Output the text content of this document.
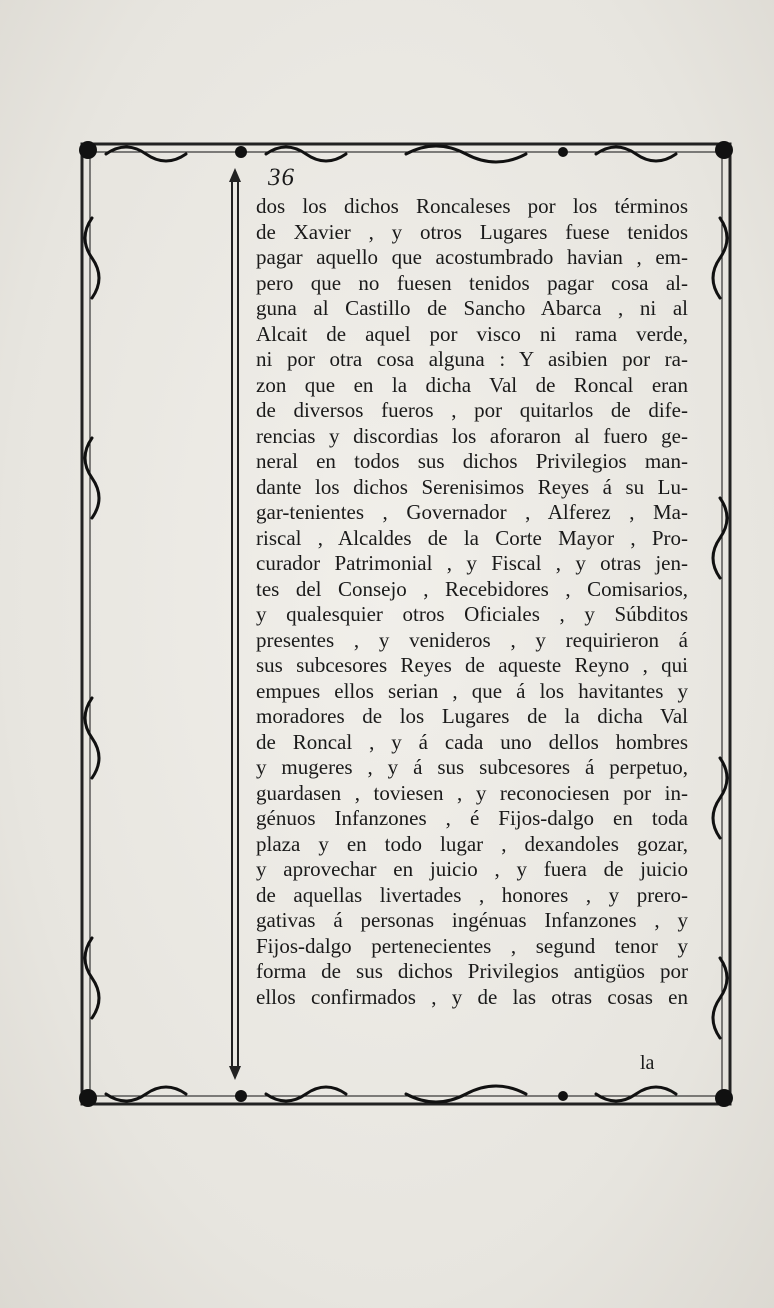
36
dos los dichos Roncaleses por los términos
de Xavier , y otros Lugares fuese tenidos
pagar aquello que acostumbrado havian , em-
pero que no fuesen tenidos pagar cosa al-
guna al Castillo de Sancho Abarca , ni al
Alcait de aquel por visco ni rama verde,
ni por otra cosa alguna : Y asibien por ra-
zon que en la dicha Val de Roncal eran
de diversos fueros , por quitarlos de dife-
rencias y discordias los aforaron al fuero ge-
neral en todos sus dichos Privilegios man-
dante los dichos Serenisimos Reyes á su Lu-
gar-tenientes , Governador , Alferez , Ma-
riscal , Alcaldes de la Corte Mayor , Pro-
curador Patrimonial , y Fiscal , y otras jen-
tes del Consejo , Recebidores , Comisarios,
y qualesquier otros Oficiales , y Súbditos
presentes , y venideros , y requirieron á
sus subcesores Reyes de aqueste Reyno , qui
empues ellos serian , que á los havitantes y
moradores de los Lugares de la dicha Val
de Roncal , y á cada uno dellos hombres
y mugeres , y á sus subcesores á perpetuo,
guardasen , toviesen , y reconociesen por in-
génuos Infanzones , é Fijos-dalgo en toda
plaza y en todo lugar , dexandoles gozar,
y aprovechar en juicio , y fuera de juicio
de aquellas livertades , honores , y prero-
gativas á personas ingénuas Infanzones , y
Fijos-dalgo pertenecientes , segund tenor y
forma de sus dichos Privilegios antigüos por
ellos confirmados , y de las otras cosas en
la
